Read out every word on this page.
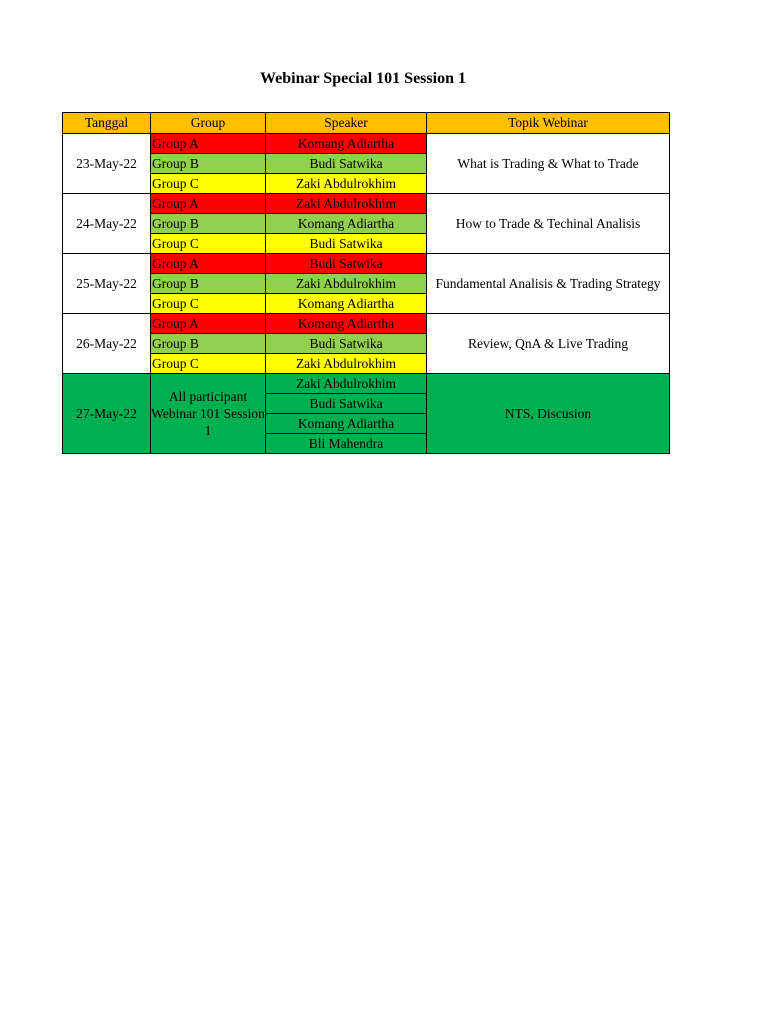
Webinar Special 101 Session 1
Tanggal	Group	Speaker	Topik Webinar
23-May-22	Group A	Komang Adiartha	What is Trading & What to Trade
	Group B	Budi Satwika	
	Group C	Zaki Abdulrokhim	
24-May-22	Group A	Zaki Abdulrokhim	How to Trade & Techinal Analisis
	Group B	Komang Adiartha	
	Group C	Budi Satwika	
25-May-22	Group A	Budi Satwika	Fundamental Analisis & Trading Strategy
	Group B	Zaki Abdulrokhim	
	Group C	Komang Adiartha	
26-May-22	Group A	Komang Adiartha	Review, QnA & Live Trading
	Group B	Budi Satwika	
	Group C	Zaki Abdulrokhim	
27-May-22	All participant Webinar 101 Session 1	Zaki Abdulrokhim	NTS, Discusion
		Budi Satwika	
		Komang Adiartha	
		Bli Mahendra	
